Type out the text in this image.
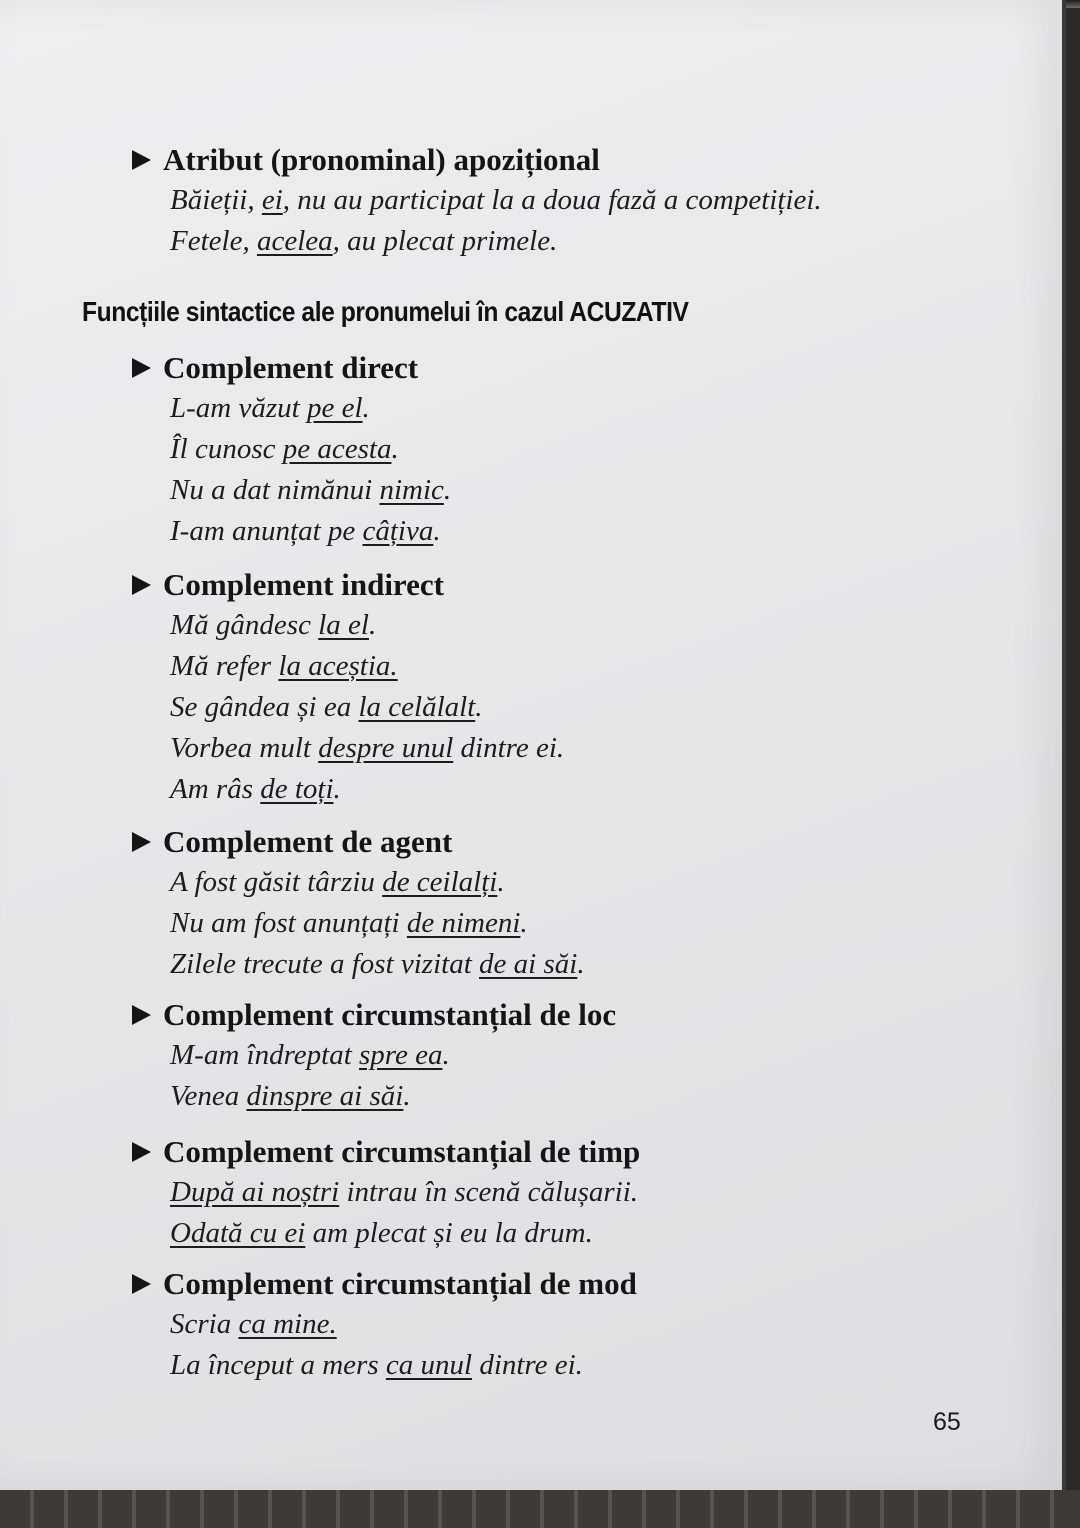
Atribut (pronominal) apozițional
Băieții, ei, nu au participat la a doua fază a competiției.
Fetele, acelea, au plecat primele.
Funcțiile sintactice ale pronumelui în cazul ACUZATIV
Complement direct
L-am văzut pe el.
Îl cunosc pe acesta.
Nu a dat nimănui nimic.
I-am anunțat pe câțiva.
Complement indirect
Mă gândesc la el.
Mă refer la aceștia.
Se gândea și ea la celălalt.
Vorbea mult despre unul dintre ei.
Am râs de toți.
Complement de agent
A fost găsit târziu de ceilalți.
Nu am fost anunțați de nimeni.
Zilele trecute a fost vizitat de ai săi.
Complement circumstanțial de loc
M-am îndreptat spre ea.
Venea dinspre ai săi.
Complement circumstanțial de timp
După ai noștri intrau în scenă călușarii.
Odată cu ei am plecat și eu la drum.
Complement circumstanțial de mod
Scria ca mine.
La început a mers ca unul dintre ei.
65
